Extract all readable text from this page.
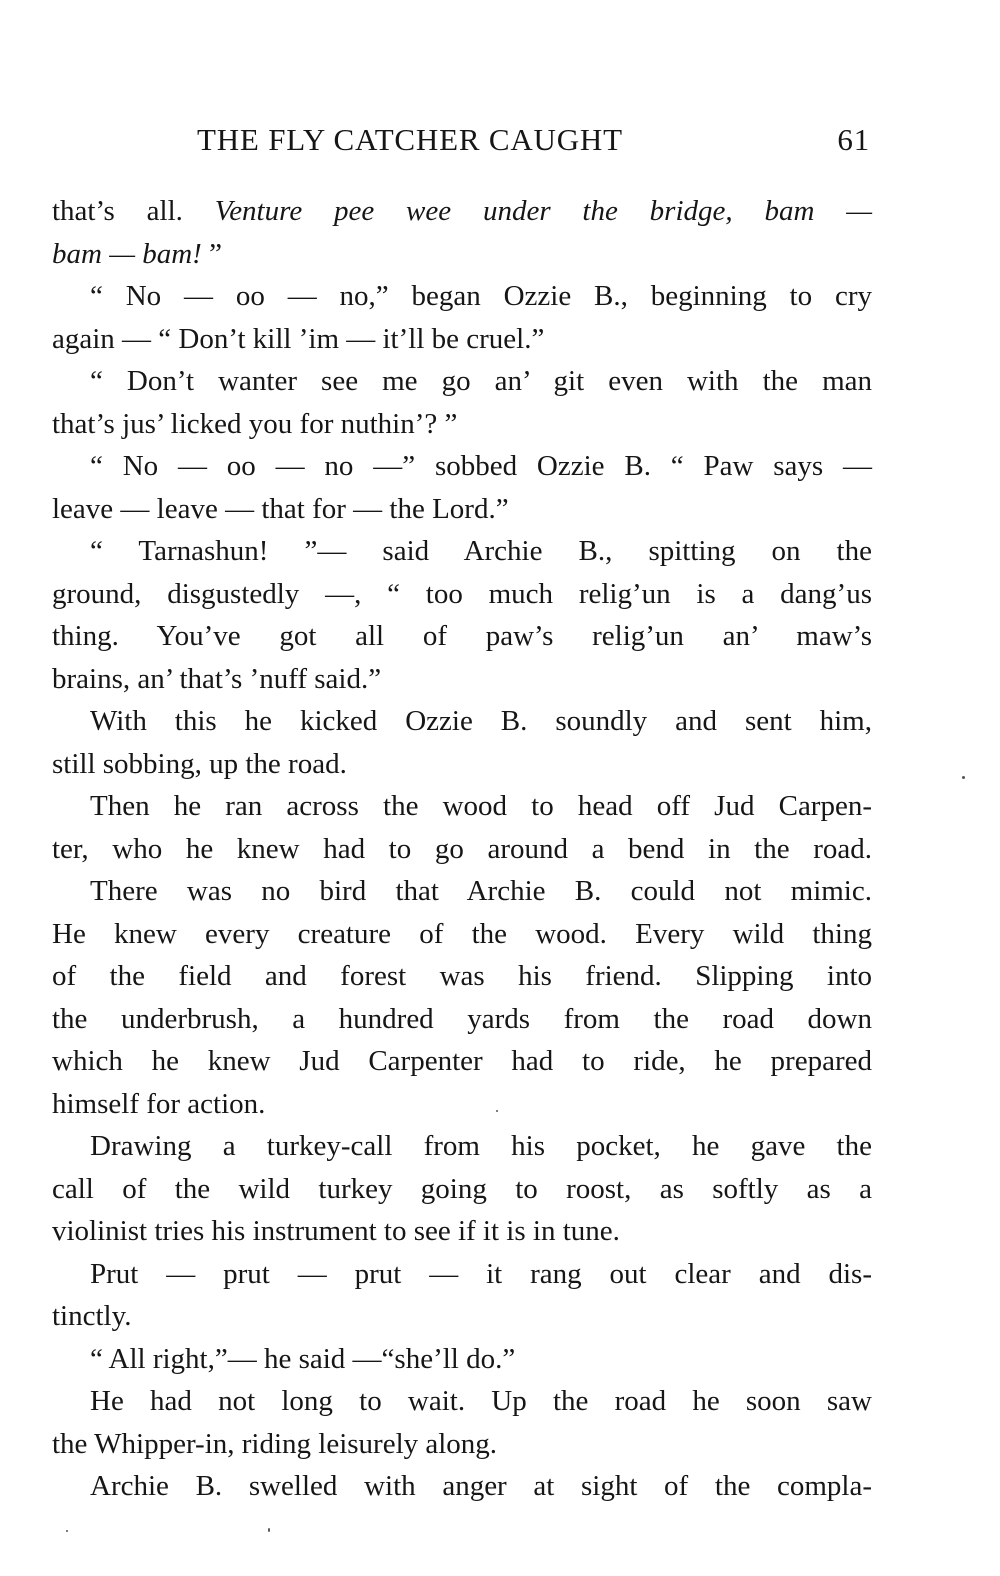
THE FLY CATCHER CAUGHT	61
that’s all. Venture pee wee under the bridge, bam —
bam — bam! ”
“ No — oo — no,” began Ozzie B., beginning to cry
again — “ Don’t kill ’im — it’ll be cruel.”
“ Don’t wanter see me go an’ git even with the man
that’s jus’ licked you for nuthin’? ”
“ No — oo — no —” sobbed Ozzie B. “ Paw says —
leave — leave — that for — the Lord.”
“ Tarnashun! ”— said Archie B., spitting on the
ground, disgustedly —, “ too much relig’un is a dang’us
thing. You’ve got all of paw’s relig’un an’ maw’s
brains, an’ that’s ’nuff said.”
With this he kicked Ozzie B. soundly and sent him,
still sobbing, up the road.
Then he ran across the wood to head off Jud Carpen-
ter, who he knew had to go around a bend in the road.
There was no bird that Archie B. could not mimic.
He knew every creature of the wood. Every wild thing
of the field and forest was his friend. Slipping into
the underbrush, a hundred yards from the road down
which he knew Jud Carpenter had to ride, he prepared
himself for action.
Drawing a turkey-call from his pocket, he gave the
call of the wild turkey going to roost, as softly as a
violinist tries his instrument to see if it is in tune.
Prut — prut — prut — it rang out clear and dis-
tinctly.
“ All right,”— he said —“she’ll do.”
He had not long to wait. Up the road he soon saw
the Whipper-in, riding leisurely along.
Archie B. swelled with anger at sight of the compla-
